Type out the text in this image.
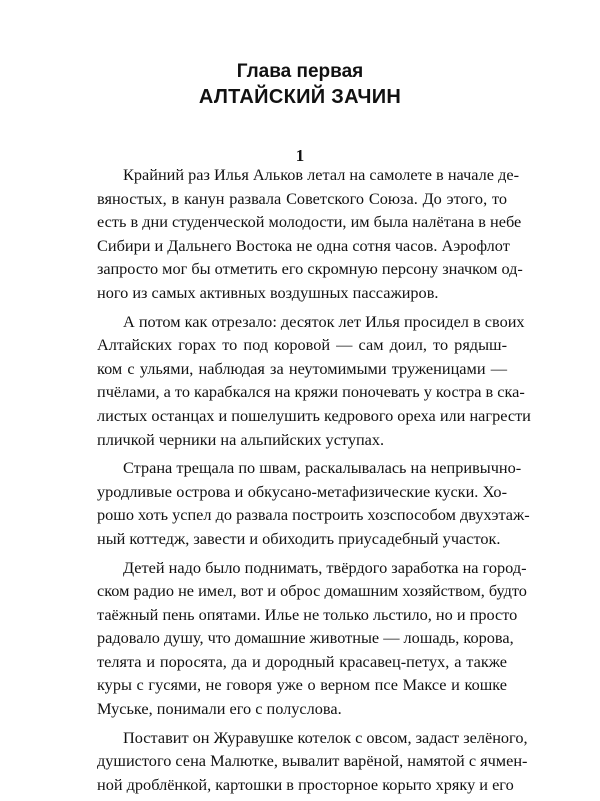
Глава первая
АЛТАЙСКИЙ ЗАЧИН
1
Крайний раз Илья Альков летал на самолете в начале де-
вяностых, в канун развала Советского Союза. До этого, то
есть в дни студенческой молодости, им была налётана в небе
Сибири и Дальнего Востока не одна сотня часов. Аэрофлот
запросто мог бы отметить его скромную персону значком од-
ного из самых активных воздушных пассажиров.
А потом как отрезало: десяток лет Илья просидел в своих
Алтайских горах то под коровой — сам доил, то рядыш-
ком с ульями, наблюдая за неутомимыми труженицами —
пчёлами, а то карабкался на кряжи поночевать у костра в ска-
листых останцах и пошелушить кедрового ореха или нагрести
пличкой черники на альпийских уступах.
Страна трещала по швам, раскалывалась на непривычно-
уродливые острова и обкусано-метафизические куски. Хо-
рошо хоть успел до развала построить хозспособом двухэтаж-
ный коттедж, завести и обиходить приусадебный участок.
Детей надо было поднимать, твёрдого заработка на город-
ском радио не имел, вот и оброс домашним хозяйством, будто
таёжный пень опятами. Илье не только льстило, но и просто
радовало душу, что домашние животные — лошадь, корова,
телята и поросята, да и дородный красавец-петух, а также
куры с гусями, не говоря уже о верном псе Максе и кошке
Муське, понимали его с полуслова.
Поставит он Журавушке котелок с овсом, задаст зелёного,
душистого сена Малютке, вывалит варёной, намятой с ячмен-
ной дроблёнкой, картошки в просторное корыто хряку и его
